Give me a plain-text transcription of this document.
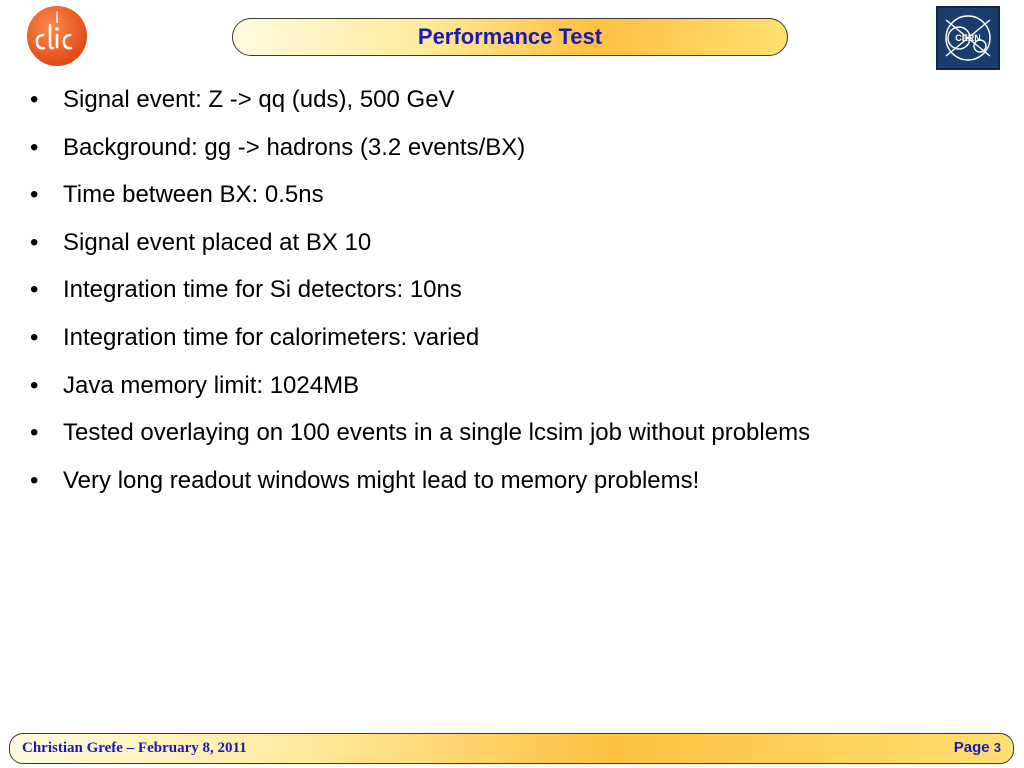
Performance Test	CERN
•	Signal event: Z -> qq (uds), 500 GeV
•	Background: gg -> hadrons (3.2 events/BX)
•	Time between BX: 0.5ns
•	Signal event placed at BX 10
•	Integration time for Si detectors: 10ns
•	Integration time for calorimeters: varied
•	Java memory limit: 1024MB
•	Tested overlaying on 100 events in a single lcsim job without problems
•	Very long readout windows might lead to memory problems!
Christian Grefe – February 8, 2011	Page 3
